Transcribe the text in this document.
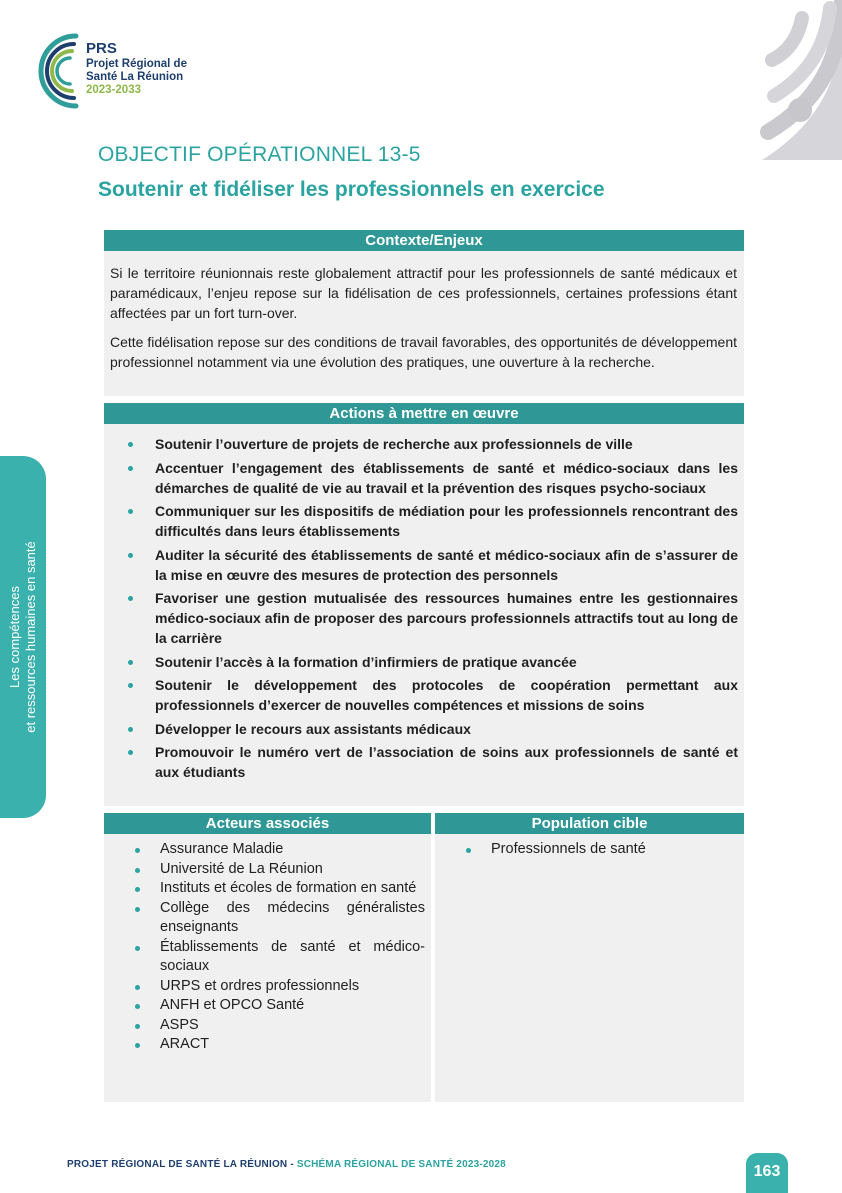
PRS
Projet Régional de
Santé La Réunion
2023-2033
OBJECTIF OPÉRATIONNEL 13-5
Soutenir et fidéliser les professionnels en exercice
Contexte/Enjeux

Si le territoire réunionnais reste globalement attractif pour les professionnels de santé médicaux et paramédicaux, l’enjeu repose sur la fidélisation de ces professionnels, certaines professions étant affectées par un fort turn-over.

Cette fidélisation repose sur des conditions de travail favorables, des opportunités de développement professionnel notamment via une évolution des pratiques, une ouverture à la recherche.

Actions à mettre en œuvre
Soutenir l’ouverture de projets de recherche aux professionnels de ville
Accentuer l’engagement des établissements de santé et médico-sociaux dans les démarches de qualité de vie au travail et la prévention des risques psycho-sociaux
Communiquer sur les dispositifs de médiation pour les professionnels rencontrant des difficultés dans leurs établissements
Auditer la sécurité des établissements de santé et médico-sociaux afin de s’assurer de la mise en œuvre des mesures de protection des personnels
Favoriser une gestion mutualisée des ressources humaines entre les gestionnaires médico-sociaux afin de proposer des parcours professionnels attractifs tout au long de la carrière
Soutenir l’accès à la formation d’infirmiers de pratique avancée
Soutenir le développement des protocoles de coopération permettant aux professionnels d’exercer de nouvelles compétences et missions de soins
Développer le recours aux assistants médicaux
Promouvoir le numéro vert de l’association de soins aux professionnels de santé et aux étudiants
Acteurs associés
Assurance Maladie
Université de La Réunion
Instituts et écoles de formation en santé
Collège des médecins généralistes enseignants
Établissements de santé et médico-sociaux
URPS et ordres professionnels
ANFH et OPCO Santé
ASPS
ARACT
Population cible
Professionnels de santé
Les compétences et ressources humaines en santé
PROJET RÉGIONAL DE SANTÉ LA RÉUNION - SCHÉMA RÉGIONAL DE SANTÉ 2023-2028	163
